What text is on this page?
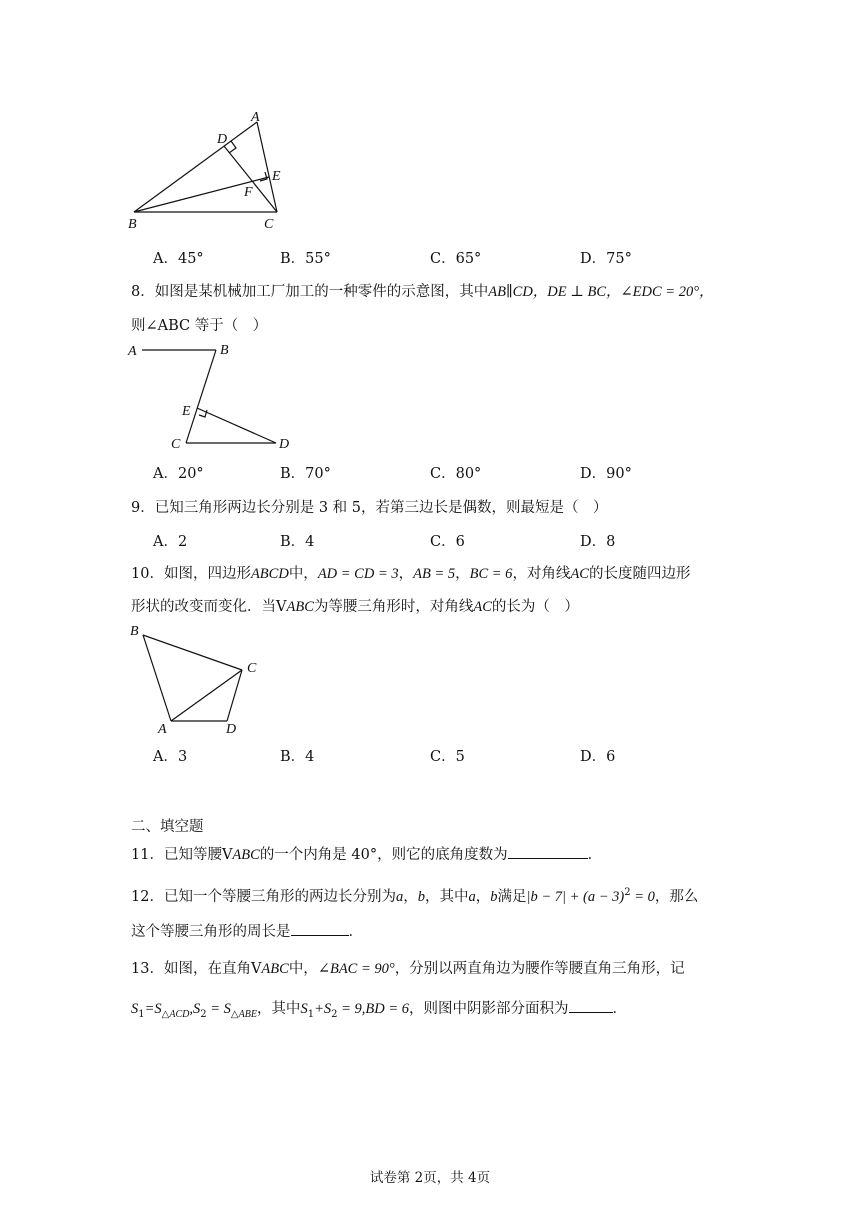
A
D
E
F
B	C
A．45°	B．55°	C．65°	D．75°
8．如图是某机械加工厂加工的一种零件的示意图，其中AB∥CD，DE ⊥ BC，∠EDC = 20°，
则∠ABC 等于（　）
A	B
E
C	D
A．20°	B．70°	C．80°	D．90°
9．已知三角形两边长分别是 3 和 5，若第三边长是偶数，则最短是（　）
A．2	B．4	C．6	D．8
10．如图，四边形ABCD中，AD = CD = 3，AB = 5，BC = 6，对角线AC的长度随四边形
形状的改变而变化．当VABC为等腰三角形时，对角线AC的长为（　）
B
C
A	D
A．3	B．4	C．5	D．6
二、填空题
11．已知等腰VABC的一个内角是 40°，则它的底角度数为	．
12．已知一个等腰三角形的两边长分别为a，b，其中a，b满足$|b - 7| + (a - 3)^2 = 0$，那么
这个等腰三角形的周长是	．
13．如图，在直角VABC中，∠BAC = 90°，分别以两直角边为腰作等腰直角三角形，记
$S_1=S_{\triangle ACD},S_2 = S_{\triangle ABE}$，其中$S_1+S_2 = 9,BD = 6$，则图中阴影部分面积为	．
试卷第 2页，共 4页
